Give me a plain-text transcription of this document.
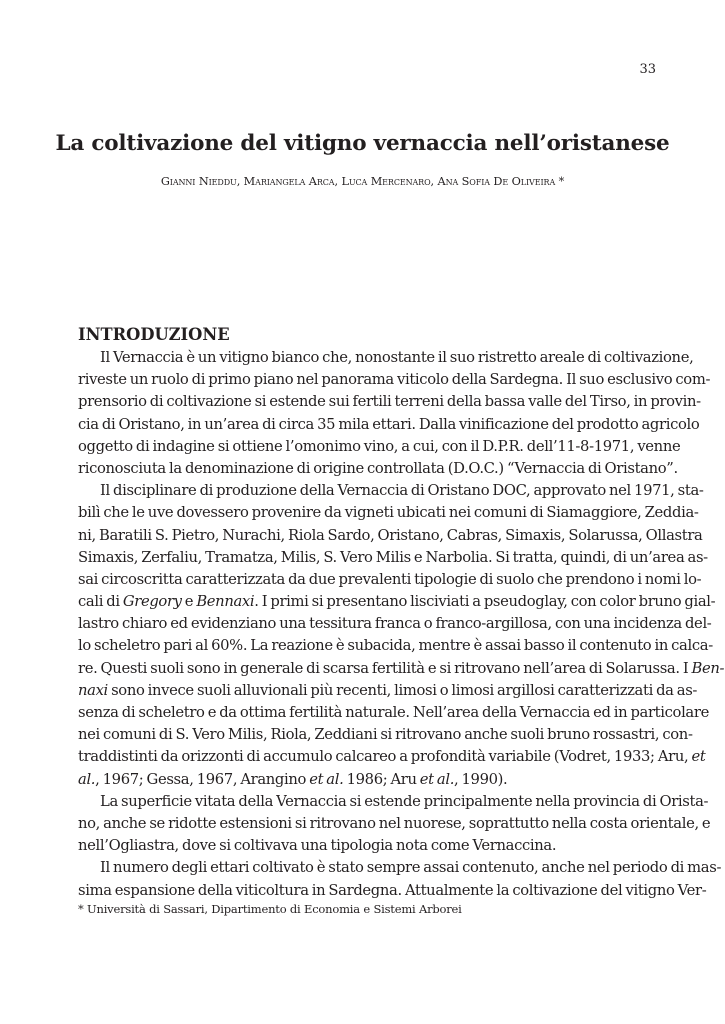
33
La coltivazione del vitigno vernaccia nell’oristanese
Gianni Nieddu, Mariangela Arca, Luca Mercenaro, Ana Sofia De Oliveira *
INTRODUZIONE
Il Vernaccia è un vitigno bianco che, nonostante il suo ristretto areale di coltivazione,
riveste un ruolo di primo piano nel panorama viticolo della Sardegna. Il suo esclusivo com-
prensorio di coltivazione si estende sui fertili terreni della bassa valle del Tirso, in provin-
cia di Oristano, in un’area di circa 35 mila ettari. Dalla vinificazione del prodotto agricolo
oggetto di indagine si ottiene l’omonimo vino, a cui, con il D.P.R. dell’11-8-1971, venne
riconosciuta la denominazione di origine controllata (D.O.C.) “Vernaccia di Oristano”.
Il disciplinare di produzione della Vernaccia di Oristano DOC, approvato nel 1971, sta-
bilì che le uve dovessero provenire da vigneti ubicati nei comuni di Siamaggiore, Zeddia-
ni, Baratili S. Pietro, Nurachi, Riola Sardo, Oristano, Cabras, Simaxis, Solarussa, Ollastra
Simaxis, Zerfaliu, Tramatza, Milis, S. Vero Milis e Narbolia. Si tratta, quindi, di un’area as-
sai circoscritta caratterizzata da due prevalenti tipologie di suolo che prendono i nomi lo-
cali di Gregory e Bennaxi. I primi si presentano lisciviati a pseudoglay, con color bruno gial-
lastro chiaro ed evidenziano una tessitura franca o franco-argillosa, con una incidenza del-
lo scheletro pari al 60%. La reazione è subacida, mentre è assai basso il contenuto in calca-
re. Questi suoli sono in generale di scarsa fertilità e si ritrovano nell’area di Solarussa. I Ben-
naxi sono invece suoli alluvionali più recenti, limosi o limosi argillosi caratterizzati da as-
senza di scheletro e da ottima fertilità naturale. Nell’area della Vernaccia ed in particolare
nei comuni di S. Vero Milis, Riola, Zeddiani si ritrovano anche suoli bruno rossastri, con-
traddistinti da orizzonti di accumulo calcareo a profondità variabile (Vodret, 1933; Aru, et
al., 1967; Gessa, 1967, Arangino et al. 1986; Aru et al., 1990).
La superficie vitata della Vernaccia si estende principalmente nella provincia di Orista-
no, anche se ridotte estensioni si ritrovano nel nuorese, soprattutto nella costa orientale, e
nell’Ogliastra, dove si coltivava una tipologia nota come Vernaccina.
Il numero degli ettari coltivato è stato sempre assai contenuto, anche nel periodo di mas-
sima espansione della viticoltura in Sardegna. Attualmente la coltivazione del vitigno Ver-
* Università di Sassari, Dipartimento di Economia e Sistemi Arborei
